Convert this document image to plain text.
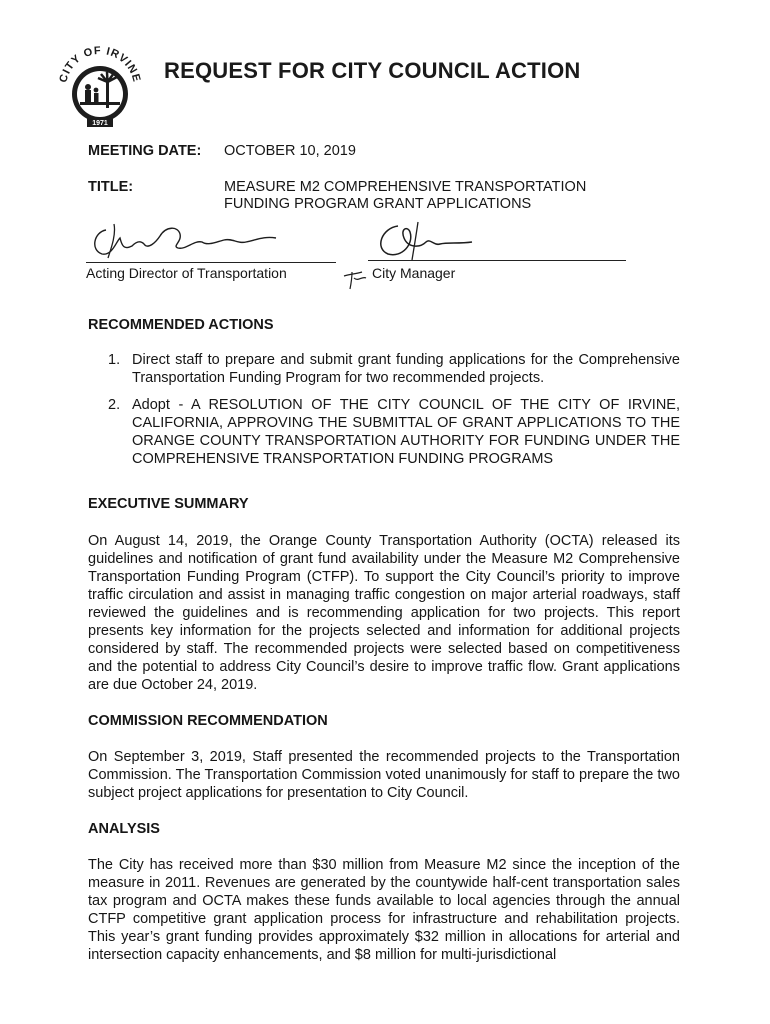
CITY OF IRVINE
1971
REQUEST FOR CITY COUNCIL ACTION
MEETING DATE: OCTOBER 10, 2019
TITLE:	MEASURE M2 COMPREHENSIVE TRANSPORTATION
FUNDING PROGRAM GRANT APPLICATIONS
Acting Director of Transportation	City Manager
RECOMMENDED ACTIONS
1. Direct staff to prepare and submit grant funding applications for the Comprehensive Transportation Funding Program for two recommended projects.
2. Adopt - A RESOLUTION OF THE CITY COUNCIL OF THE CITY OF IRVINE, CALIFORNIA, APPROVING THE SUBMITTAL OF GRANT APPLICATIONS TO THE ORANGE COUNTY TRANSPORTATION AUTHORITY FOR FUNDING UNDER THE COMPREHENSIVE TRANSPORTATION FUNDING PROGRAMS
EXECUTIVE SUMMARY

On August 14, 2019, the Orange County Transportation Authority (OCTA) released its guidelines and notification of grant fund availability under the Measure M2 Comprehensive Transportation Funding Program (CTFP). To support the City Council’s priority to improve traffic circulation and assist in managing traffic congestion on major arterial roadways, staff reviewed the guidelines and is recommending application for two projects. This report presents key information for the projects selected and information for additional projects considered by staff. The recommended projects were selected based on competitiveness and the potential to address City Council’s desire to improve traffic flow. Grant applications are due October 24, 2019.

COMMISSION RECOMMENDATION

On September 3, 2019, Staff presented the recommended projects to the Transportation Commission. The Transportation Commission voted unanimously for staff to prepare the two subject project applications for presentation to City Council.

ANALYSIS

The City has received more than $30 million from Measure M2 since the inception of the measure in 2011. Revenues are generated by the countywide half-cent transportation sales tax program and OCTA makes these funds available to local agencies through the annual CTFP competitive grant application process for infrastructure and rehabilitation projects. This year’s grant funding provides approximately $32 million in allocations for arterial and intersection capacity enhancements, and $8 million for multi-jurisdictional
